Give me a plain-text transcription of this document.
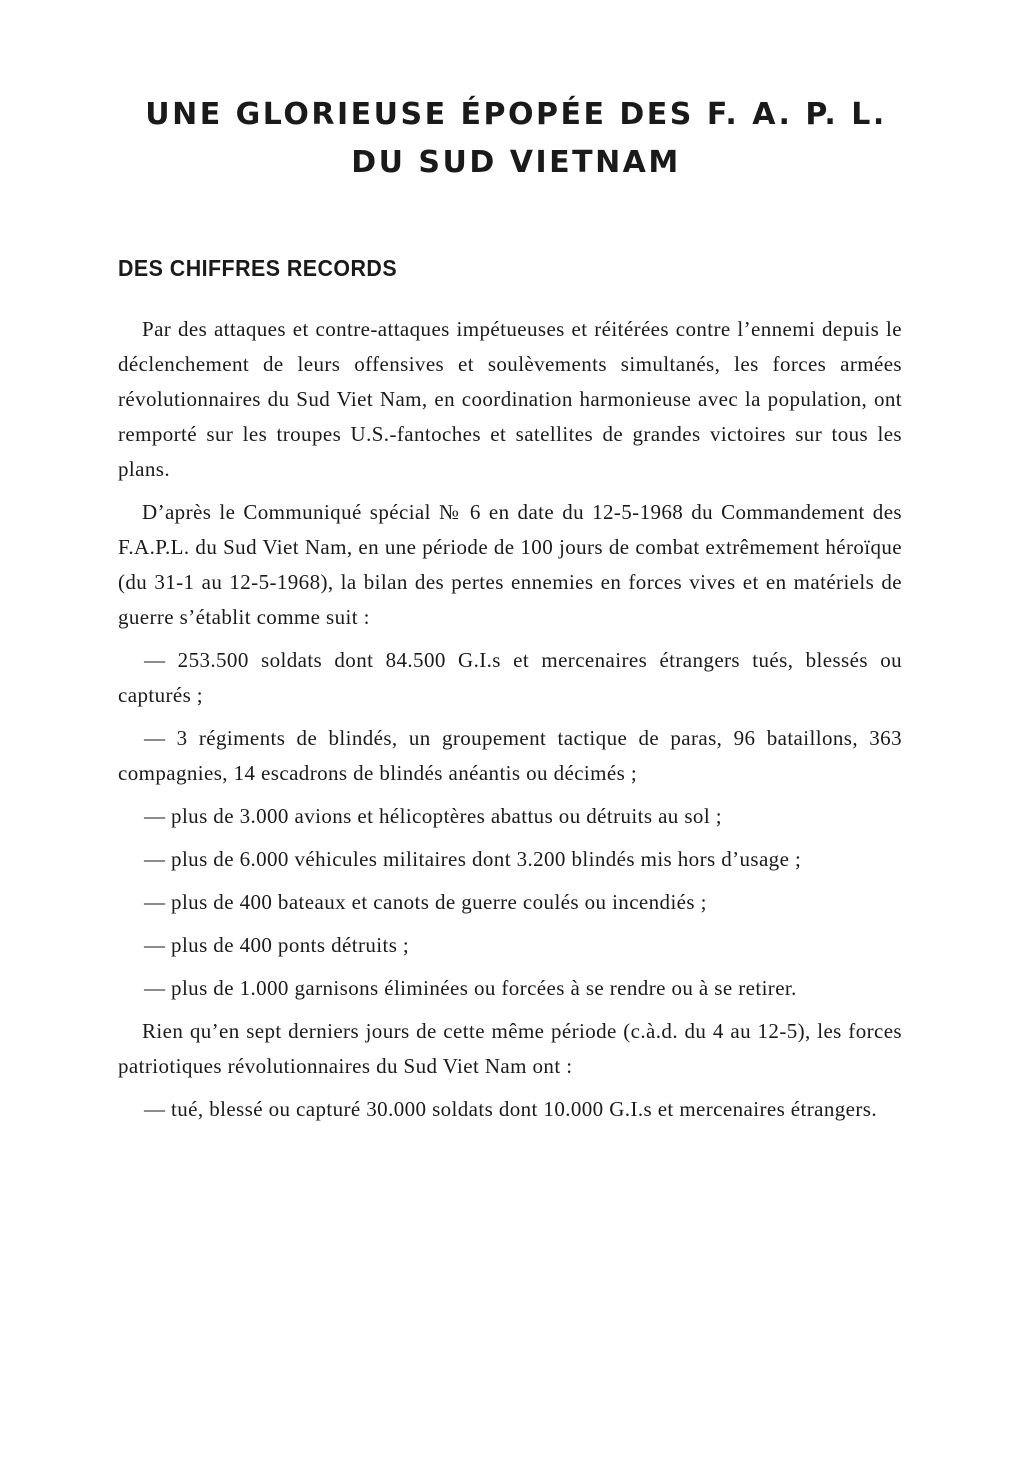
UNE GLORIEUSE ÉPOPÉE DES F. A. P. L.
DU SUD VIETNAM
DES CHIFFRES RECORDS

Par des attaques et contre-attaques impétueuses et réitérées contre l’ennemi depuis le déclenchement de leurs offensives et soulèvements simultanés, les forces armées révolutionnaires du Sud Viet Nam, en coordination harmonieuse avec la population, ont remporté sur les troupes U.S.-fantoches et satellites de grandes victoires sur tous les plans.

D’après le Communiqué spécial № 6 en date du 12-5-1968 du Commandement des F.A.P.L. du Sud Viet Nam, en une période de 100 jours de combat extrêmement héroïque (du 31-1 au 12-5-1968), la bilan des pertes ennemies en forces vives et en matériels de guerre s’établit comme suit :

— 253.500 soldats dont 84.500 G.I.s et mercenaires étrangers tués, blessés ou capturés ;

— 3 régiments de blindés, un groupement tactique de paras, 96 bataillons, 363 compagnies, 14 escadrons de blindés anéantis ou décimés ;

— plus de 3.000 avions et hélicoptères abattus ou détruits au sol ;

— plus de 6.000 véhicules militaires dont 3.200 blindés mis hors d’usage ;

— plus de 400 bateaux et canots de guerre coulés ou incendiés ;

— plus de 400 ponts détruits ;

— plus de 1.000 garnisons éliminées ou forcées à se rendre ou à se retirer.

Rien qu’en sept derniers jours de cette même période (c.à.d. du 4 au 12-5), les forces patriotiques révolutionnaires du Sud Viet Nam ont :

— tué, blessé ou capturé 30.000 soldats dont 10.000 G.I.s et mercenaires étrangers.
